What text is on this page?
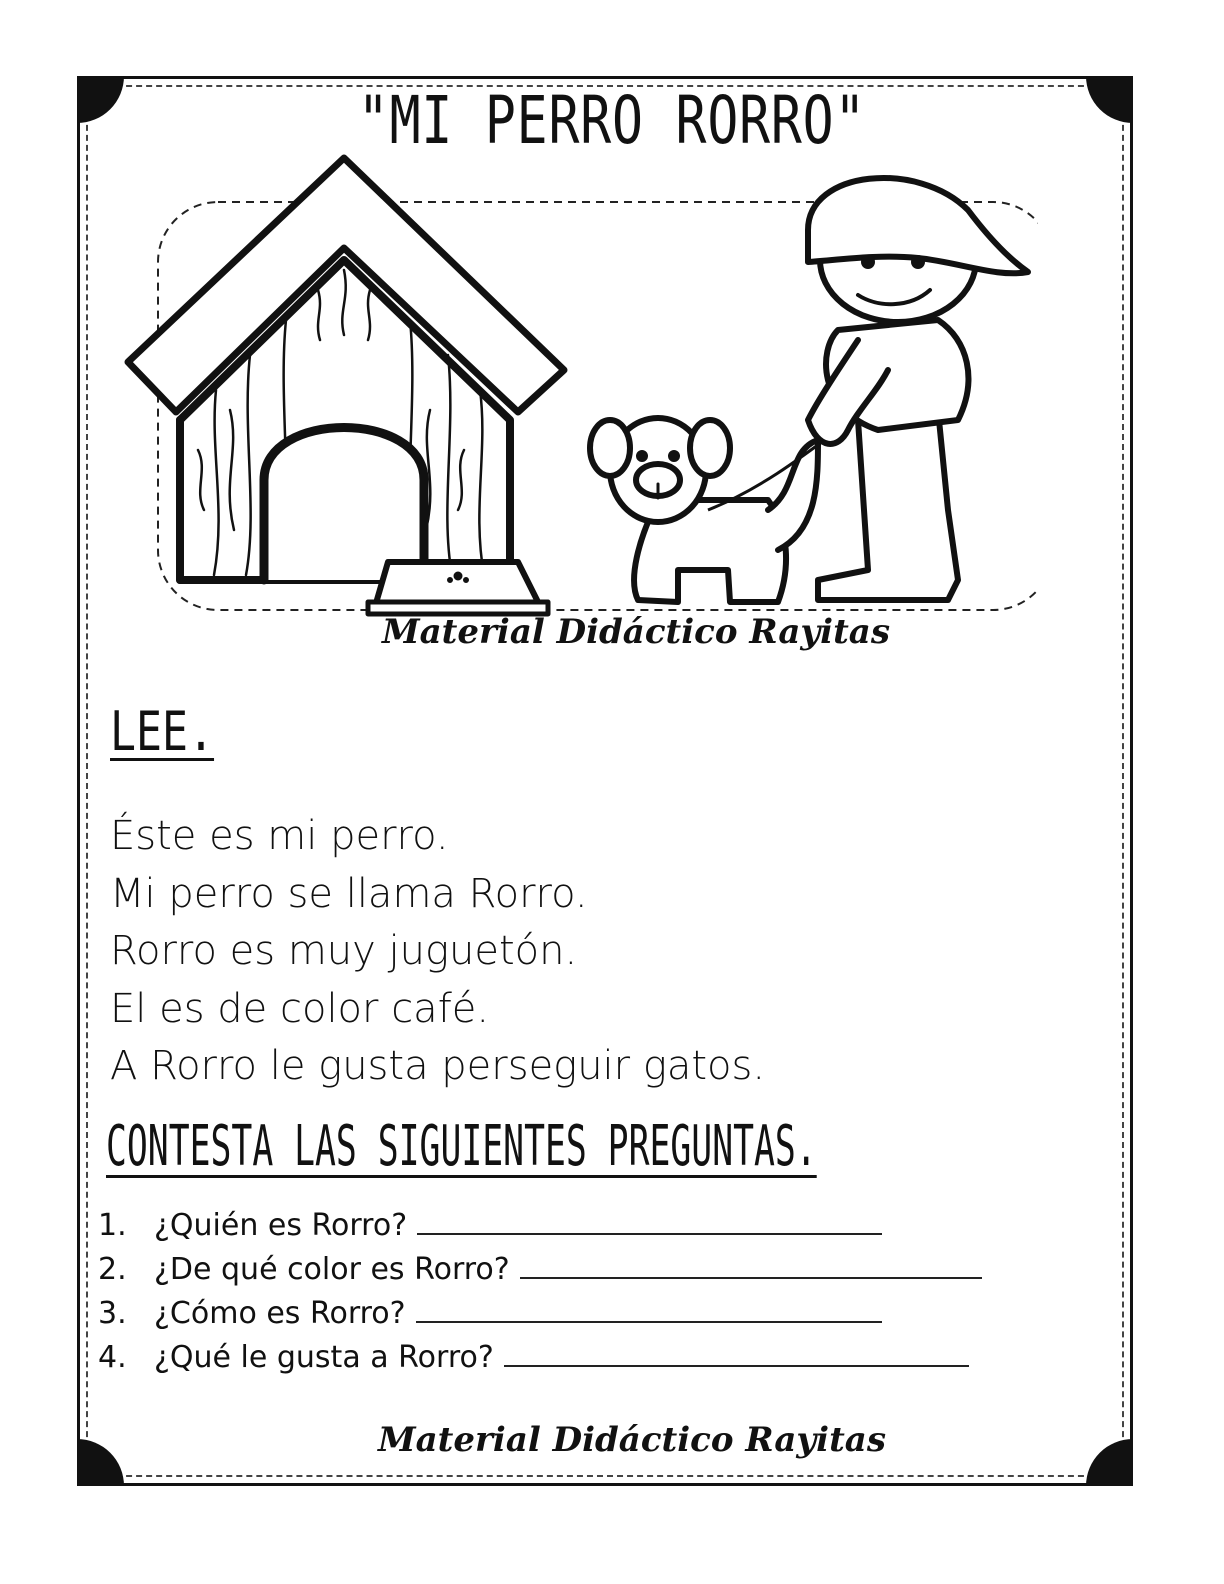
"MI PERRO RORRO"
Material Didáctico Rayitas
LEE.
Éste es mi perro.
Mi perro se llama Rorro.
Rorro es muy juguetón.
El es de color café.
A Rorro le gusta perseguir gatos.
CONTESTA LAS SIGUIENTES PREGUNTAS.
1. ¿Quién es Rorro?
2. ¿De qué color es Rorro?
3. ¿Cómo es Rorro?
4. ¿Qué le gusta a Rorro?
Material Didáctico Rayitas
